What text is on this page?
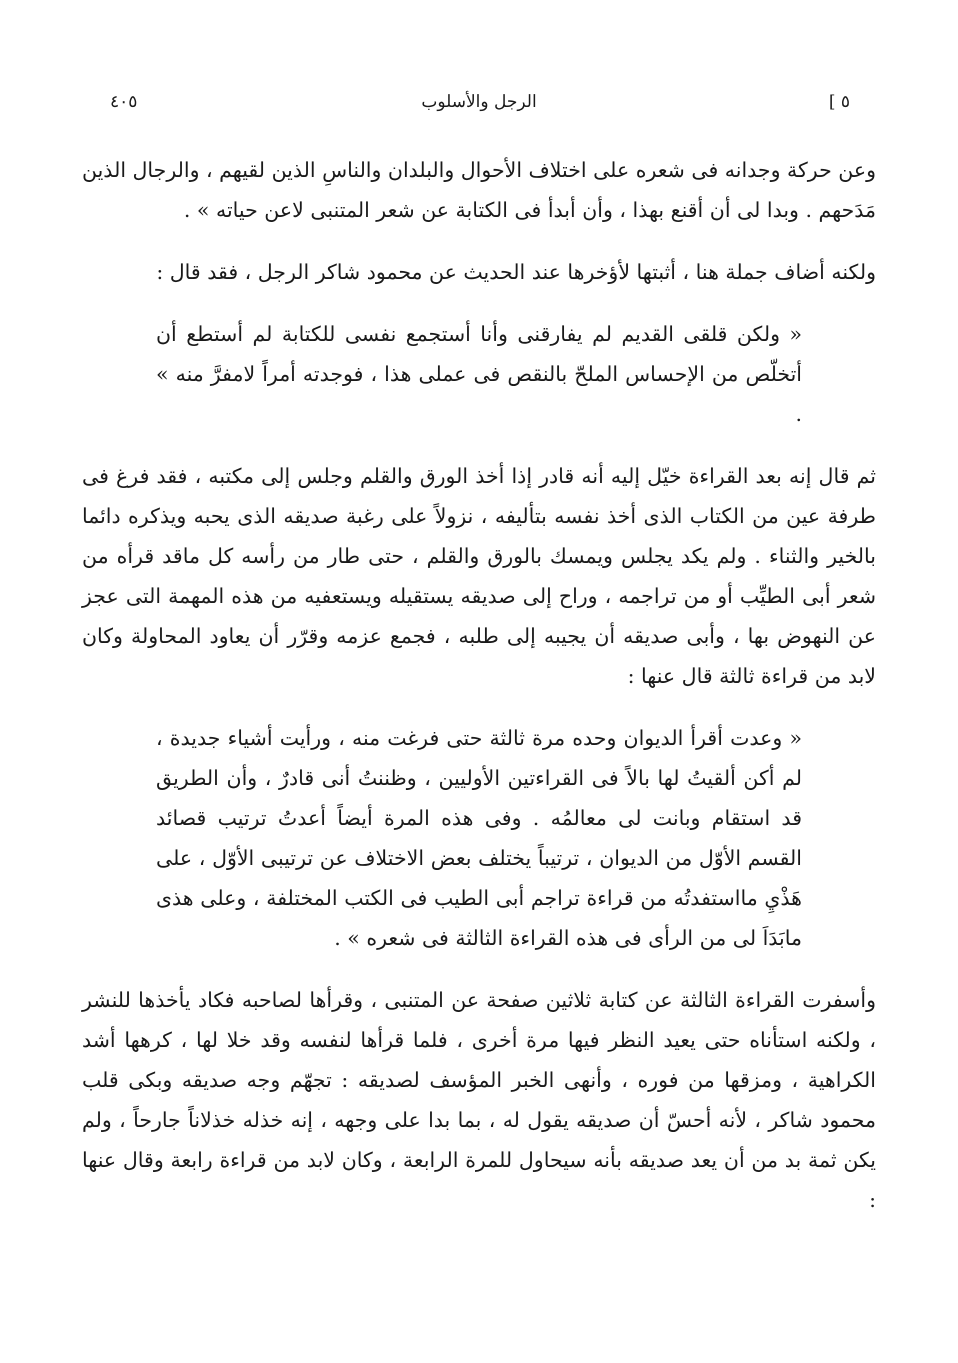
٥ ]
الرجل والأسلوب
٤٠٥

وعن حركة وجدانه فى شعره على اختلاف الأحوال والبلدان والناسِ الذين لقيهم ، والرجال الذين مَدَحهم . وبدا لى أن أقنع بهذا ، وأن أبدأ فى الكتابة عن شعر المتنبى لاعن حياته » .

ولكنه أضاف جملة هنا ، أثبتها لأؤخرها عند الحديث عن محمود شاكر الرجل ، فقد قال :

« ولكن قلقى القديم لم يفارقنى وأنا أستجمع نفسى للكتابة لم أستطع أن أتخلّص من الإحساس الملحّ بالنقص فى عملى هذا ، فوجدته أمراً لامفرَّ منه » .

ثم قال إنه بعد القراءة خيّل إليه أنه قادر إذا أخذ الورق والقلم وجلس إلى مكتبه ، فقد فرغ فى طرفة عين من الكتاب الذى أخذ نفسه بتأليفه ، نزولاً على رغبة صديقه الذى يحبه ويذكره دائما بالخير والثناء . ولم يكد يجلس ويمسك بالورق والقلم ، حتى طار من رأسه كل ماقد قرأه من شعر أبى الطيِّب أو من تراجمه ، وراح إلى صديقه يستقيله ويستعفيه من هذه المهمة التى عجز عن النهوض بها ، وأبى صديقه أن يجيبه إلى طلبه ، فجمع عزمه وقرّر أن يعاود المحاولة وكان لابد من قراءة ثالثة قال عنها :

« وعدت أقرأ الديوان وحده مرة ثالثة حتى فرغت منه ، ورأيت أشياء جديدة ، لم أكن ألقيتُ لها بالاً فى القراءتين الأوليين ، وظننتُ أنى قادرٌ ، وأن الطريق قد استقام وبانت لى معالمُه . وفى هذه المرة أيضاً أعدتُ ترتيب قصائد القسم الأوّل من الديوان ، ترتيباً يختلف بعض الاختلاف عن ترتيبى الأوّل ، على هَذْيِ مااستفدتُه من قراءة تراجم أبى الطيب فى الكتب المختلفة ، وعلى هذى مابَدَاَ لى من الرأى فى هذه القراءة الثالثة فى شعره » .

وأسفرت القراءة الثالثة عن كتابة ثلاثين صفحة عن المتنبى ، وقرأها لصاحبه فكاد يأخذها للنشر ، ولكنه استأناه حتى يعيد النظر فيها مرة أخرى ، فلما قرأها لنفسه وقد خلا لها ، كرهها أشد الكراهية ، ومزقها من فوره ، وأنهى الخبر المؤسف لصديقه : تجهّم وجه صديقه وبكى قلب محمود شاكر ، لأنه أحسّ أن صديقه يقول له ، بما بدا على وجهه ، إنه خذله خذلاناً جارحاً ، ولم يكن ثمة بد من أن يعد صديقه بأنه سيحاول للمرة الرابعة ، وكان لابد من قراءة رابعة وقال عنها :
